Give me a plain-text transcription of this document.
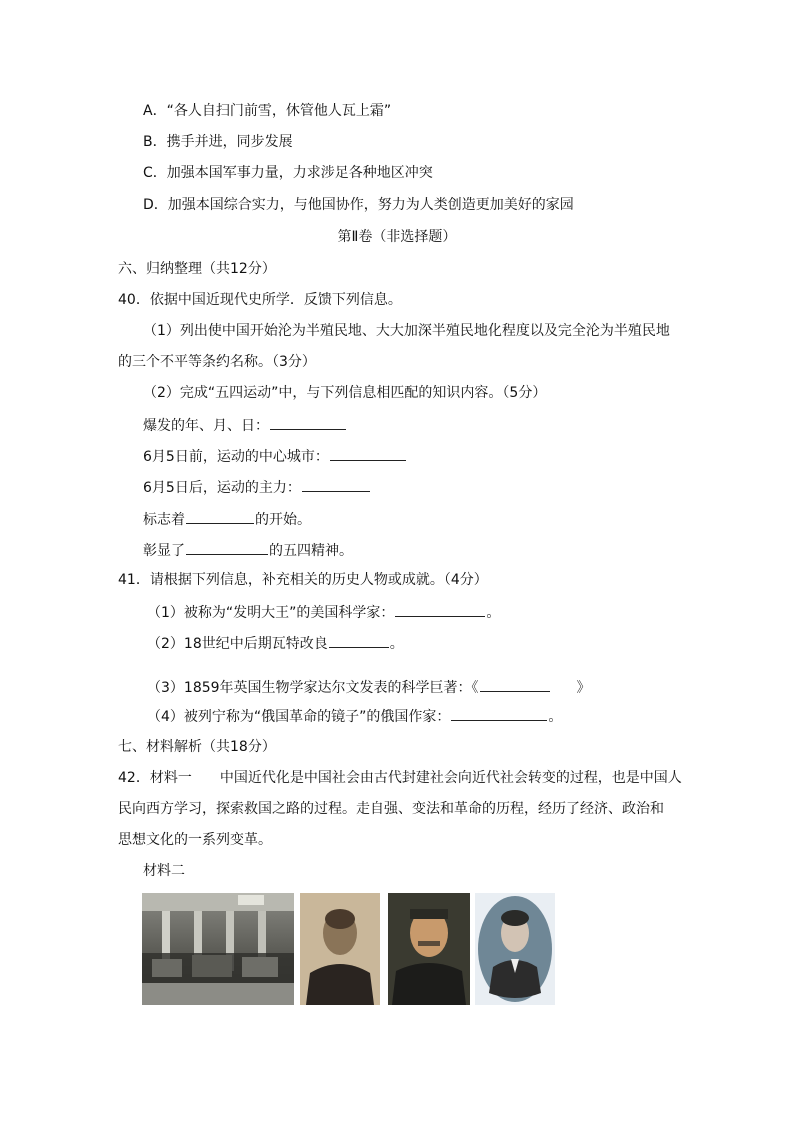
A．“各人自扫门前雪，休管他人瓦上霜”
B．携手并进，同步发展
C．加强本国军事力量，力求涉足各种地区冲突
D．加强本国综合实力，与他国协作，努力为人类创造更加美好的家园
第Ⅱ卷（非选择题）
六、归纳整理（共12分）
40．依据中国近现代史所学．反馈下列信息。
（1）列出使中国开始沦为半殖民地、大大加深半殖民地化程度以及完全沦为半殖民地
的三个不平等条约名称。（3分）
（2）完成“五四运动”中，与下列信息相匹配的知识内容。（5分）
爆发的年、月、日：
6月5日前，运动的中心城市：
6月5日后，运动的主力：
标志着	的开始。
彰显了	的五四精神。
41．请根据下列信息，补充相关的历史人物或成就。（4分）
（1）被称为“发明大王”的美国科学家：	。
（2）18世纪中后期瓦特改良	。
（3）1859年英国生物学家达尔文发表的科学巨著：《	》
（4）被列宁称为“俄国革命的镜子”的俄国作家：	。
七、材料解析（共18分）
42．材料一　　中国近代化是中国社会由古代封建社会向近代社会转变的过程，也是中国人
民向西方学习，探索救国之路的过程。走自强、变法和革命的历程，经历了经济、政治和
思想文化的一系列变革。
材料二
